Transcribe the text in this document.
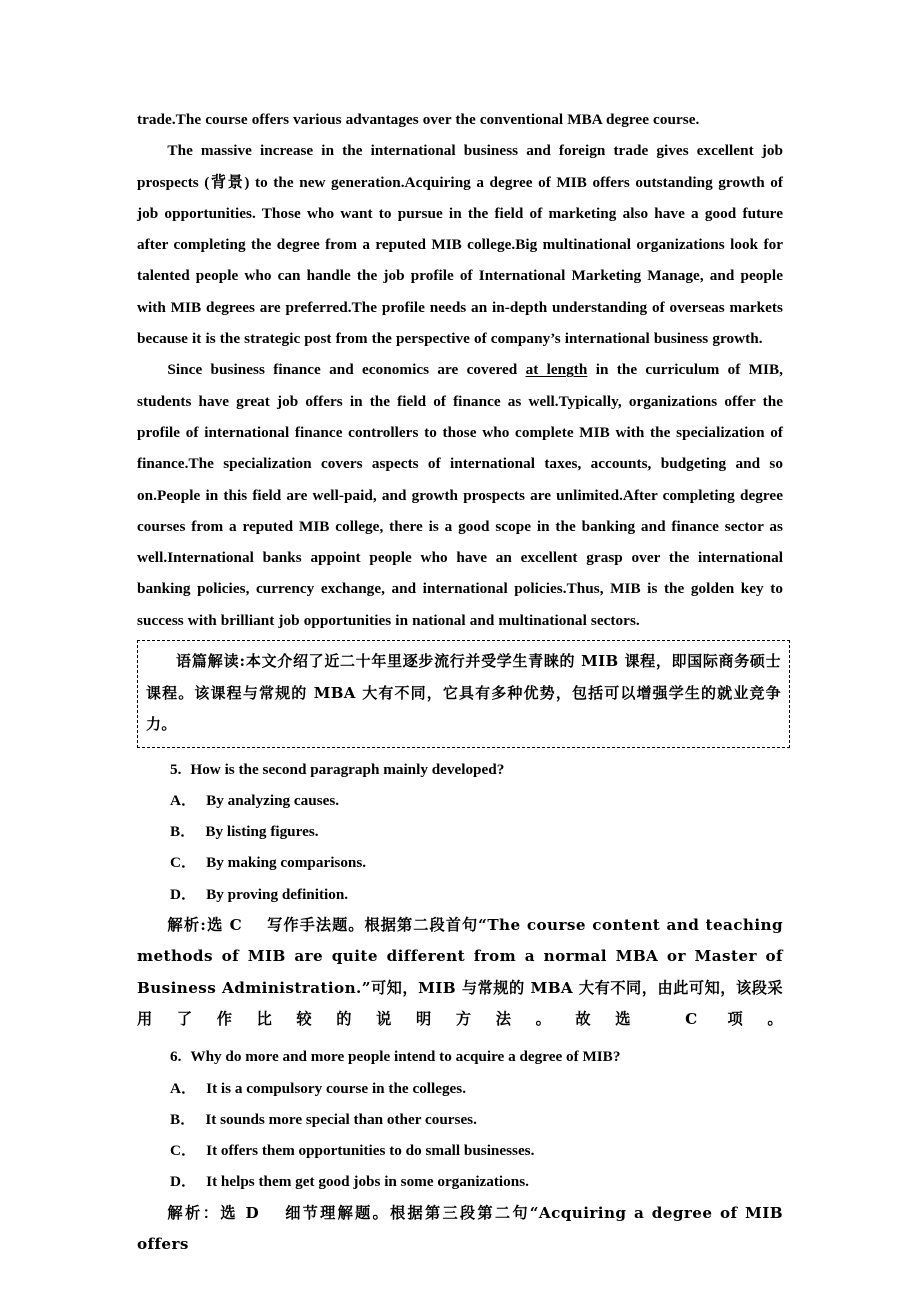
trade.The course offers various advantages over the conventional MBA degree course.

The massive increase in the international business and foreign trade gives excellent job prospects (背景) to the new generation.Acquiring a degree of MIB offers outstanding growth of job opportunities. Those who want to pursue in the field of marketing also have a good future after completing the degree from a reputed MIB college.Big multinational organizations look for talented people who can handle the job profile of International Marketing Manage, and people with MIB degrees are preferred.The profile needs an in-depth understanding of overseas markets because it is the strategic post from the perspective of company’s international business growth.

Since business finance and economics are covered at length in the curriculum of MIB, students have great job offers in the field of finance as well.Typically, organizations offer the profile of international finance controllers to those who complete MIB with the specialization of finance.The specialization covers aspects of international taxes, accounts, budgeting and so on.People in this field are well-paid, and growth prospects are unlimited.After completing degree courses from a reputed MIB college, there is a good scope in the banking and finance sector as well.International banks appoint people who have an excellent grasp over the international banking policies, currency exchange, and international policies.Thus, MIB is the golden key to success with brilliant job opportunities in national and multinational sectors.

语篇解读:本文介绍了近二十年里逐步流行并受学生青睐的 MIB 课程，即国际商务硕士课程。该课程与常规的 MBA 大有不同，它具有多种优势，包括可以增强学生的就业竞争力。

5. How is the second paragraph mainly developed?

A． By analyzing causes.

B． By listing figures.

C． By making comparisons.

D． By proving definition.

解析:选 C 写作手法题。根据第二段首句“The course content and teaching methods of MIB are quite different from a normal MBA or Master of Business Administration.”可知，MIB 与常规的 MBA 大有不同，由此可知，该段采用了作比较的说明方法。故选 C 项。

6. Why do more and more people intend to acquire a degree of MIB?

A． It is a compulsory course in the colleges.

B． It sounds more special than other courses.

C． It offers them opportunities to do small businesses.

D． It helps them get good jobs in some organizations.

解析：选 D 细节理解题。根据第三段第二句“Acquiring a degree of MIB offers
